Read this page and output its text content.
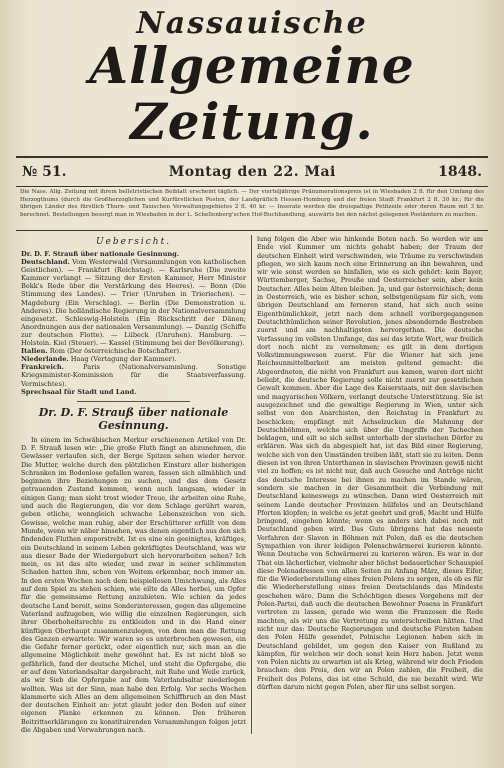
Nassauische
Allgemeine Zeitung.
№ 51.	Montag den 22. Mai	1848.
Die Nass. Allg. Zeitung mit ihrem belletristischen Beiblatt erscheint täglich. — Der vierteljährige Pränumerationspreis ist in Wiesbaden 2 fl. für den Umfang des Herzogthums (durch die Großherzoglichen und Kurfürstlichen Posten, der Landgräflich Hessen-Homburg und der freien Stadt Frankfurt 2 fl. 30 kr.; für die übrigen Länder des fürstlich Thurn- und Taxischen Verwaltungsgebietes 2 fl. 40 kr. — Inserate werden die dreispaltige Petitzeile oder deren Raum mit 3 kr. berechnet. Bestellungen besorgt man in Wiesbaden in der L. Schellenberg'schen Hof-Buchhandlung, auswärts bei den nächst gelegenen Postämtern zu machen.
Uebersicht.
Dr. D. F. Strauß über nationale Gesinnung.
Deutschland. Vom Westerwald (Versammlungen von katholischen Geistlichen). — Frankfurt (Reichstag). — Karlsruhe (Die zweite Kammer verlangt — Sitzung der Ersten Kammer, Herr Minister Bekk's Rede über die Verstärkung des Heeres). — Bonn (Die Stimmung des Landes). — Trier (Unruhen in Trierischen). — Magdeburg (Ein Verschlag). — Berlin (Die Demonstration u. Anderes). Die holländische Regierung in der Nationalversammlung eingesetzt. Schleswig-Holstein (Ein Rückschritt der Dänen; Anordnungen aus der nationalen Versammlung). — Danzig (Schiffe zur deutschen Flotte). — Lübeck (Unruhen). Hamburg. — Holstein. Kiel (Steuer). — Kassel (Stimmung bei der Bevölkerung).
Italien. Rom (Der österreichische Botschafter).
Niederlande. Haag (Vertagung der Kammer).
Frankreich. Paris (Nationalversammlung. Sonstige Kriegsminister-Kommission für die Staatsverfassung. Vermischtes).
Sprechsaal für Stadt und Land.
Dr. D. F. Strauß über nationale Gesinnung.

In einem im Schwäbischen Merkur erschienenen Artikel von Dr. D. F. Strauß lesen wir: „Die große Fluth fängt an abzunehmen, die Gewässer verlaufen sich, der Berge Spitzen sehen wieder hervor. Die Mutter, welche durch den plötzlichen Einsturz aller bisherigen Schranken im Bodenlose gefallen waren, fassen sich allmählich und beginnen ihre Beziehungen zu suchen, und das dem Gesetz getrauenden Zustand kommen, wenn auch langsam, wieder in einigen Gang; man sieht trost wieder Treue, ihr arbeiten eine Ruhe, und auch die Regierungen, die vor dem Schlage gerührt waren, geben etliche, wenngleich schwache Lebenszeichen von sich. Gewisse, welche man ruhig, aber der Erschütterer erfüllt von dem Munde, wenn wir näher hinsehen, was denen eigentlich aus den sich findenden Fluthen emporstrebt. Ist es eine ein geeinigtes, kräftiges, ein Deutschland in seinem Leben gekräftigtes Deutschland, was wir aus dieser Bade der Wiedergeburt sich hervorarbeiten sehen? Ich mein, es ist das alte wieder, und zwar in seiner schlimmsten Schaden hatten ihm, schon von Weitem erkennbar, noch immer an. In den ersten Wochen nach dem beispiellosen Umschwung, als Alles auf dem Spiel zu stehen schien, wie eilte da Alles herbei, um Opfer für die gemeinsame Rettung anzubieten. Wie schien da jedes deutsche Land bereit, seine Sonderinteressen, gegen das allgemeine Vaterland aufzugeben, wie willig die einzelnen Regierungen, sich ihrer Oberhoheitsrechte zu entkleiden und in die Hand einer künftigen Oberhaupt zusammenzulegen, von dem man die Rettung des Ganzen erwartete. Wir waren so es unterbrochen gewesen, ein die Gefahr ferner gerückt, oder eigentlich nur, sich man an die allgemeine Möglichkeit mehr gewöhnt hat. Es ist nicht bloß so gefährlich, fand der deutsche Michel, und steht die Opfergabe, die er auf dem Vaterlandsaltar dargebracht, mit Ruhe und Weile zurück, als wir Sieb die Opfergabe auf dem Vaterlandsaltar niederlegen wollten. Was ist der Sinn, man habe den Erfolg. Vor sechs Wochen klammerte sich Alles an dem allgemeinen Schiffbruch an den Mast der deutschen Einheit an: jetzt glaubt jeder den Boden auf einer eigenen Planke erkennen zu können. Den früheren Beitrittserklärungen zu konstituirenden Versammlungen folgen jetzt die Abgaben und Verwahrungen nach.

lung folgen die Aber wie hinkende Boten nach. So werden wir am Ende viel Kummer um nichts gehabt haben; der Traum der deutschen Einheit wird verschwinden, wie Träume zu verschwinden pflegen, wo sich kaum noch eine Erinnerung an ihn bewahren, und wir wie sonst werden so hinfallen, wie es sich gehört: kein Bayer, Württemberger, Sachse, Preuße und Oesterreicher sein, aber kein Deutscher. Alles beim Alten bleiben. Ja, und gar österreichisch; denn in Oesterreich, wie es bisher schon, selbstgenügsam für sich, vom übrigen Deutschland am ferneren stand, hat sich auch seine Eigenthümlichkeit, jetzt nach dem schnell voribergegangenen Deutschthümlichen seiner Revolution, jenes absondernde Bestreben zuerst und am nachhaltigsten hervorgethan. Die deutsche Verfassung im vollsten Umfange, das sei das letzte Wort, war freilich dort noch nicht zu vernehmen; es gilt in dem dortigen Volkstimmungswesen zuerst. Für die Wiener hat sich jene Reichsunmittelbarkeit am meisten geltend gemacht: die Abgeordneten, die nicht von Frankfurt aus kamen, waren dort nicht beliebt, die deutsche Regierung solle nicht zuerst zur gesetzlichen Gewalt kommen. Aber die Lage des Kaiserstaats, mit den slavischen und magyarischen Völkern, verlangt deutsche Unterstützung. Sie ist ausgezeichnet und die gewaltige Regierung in Wien, unter sich selbst von den Anarchisten, den Reichstag in Frankfurt zu beschicken; empfängt mit Achselzucken die Mahnung der Deutschböhmen, welche sich über die Umgriffe der Tschechen beklagen, und eilt so sich selbst unterhalb der slavischen Dörfer zu erklären. Was sich da abgespielt hat, ist das Bild einer Regierung, welche sich von den Umständen treiben läßt, statt sie zu leiten. Denn diesen ist von ihren Unterthanen in slavischen Provinzen gewiß nicht viel zu hoffen; es ist nicht nur, daß auch Gesuche und Anträge nicht das deutsche Interesse bei ihnen zu machen im Stande wären, sondern sie machen in der Gesammtheit die Verbindung mit Deutschland keineswegs zu wünschen. Dann wird Oesterreich mit seinem Lande deutscher Provinzen hülfelos und an Deutschland Pforten klopfen; in welche es jetzt geehrt und groß, Macht und Hülfe bringend, eingehen könnte; wenn es anders sich dabei noch mit Deutschland geben wird. Das Gute übrigens hat das neueste Verfahren der Slaven in Böhmen mit Polen, daß es die deutschen Sympathien von ihrer leidigen Polenschwärmerei kurieren könnte. Wenn Deutsche von Schwärmerei zu kurieren wären. Es war in der That ein lächerlicher, vielmehr aber höchst bedauerlicher Schauspiel diese Polenadressen von allen Seiten zu Anfang März, dieses Eifer, für die Wiederherstellung eines freien Polens zu sorgen, als ob es für die Wiederherstellung eines freien Deutschlands das Mindeste geschehen wäre. Dann die Schöchtigen dieses Vorgehens mit der Polen-Partei, daß auch die deutschen Bewohner Posens in Frankfurt vertreten zu lassen, gerade wie wenn die Franzosen die Rede machten, als wir uns die Vertretung zu unterschreiben hätten. Und nicht nur das: Deutsche Regierungen und deutsche Fürsten haben den Polen Hülfe gesendet, Polnische Legionen haben sich in Deutschland gebildet, um gegen den Kaiser von Rußland zu kämpfen, für welchen wir doch sonst kein Herz haben. Jetzt wenn von Polen nichts zu erwarten ist als Krieg, während wir doch Frieden brauchen: den Preis, den wir an Polen zahlen, die Freiheit, die Freiheit des Polens, das ist eine Schuld, die nie bezahlt wird. Wir dürften darum nicht gegen Polen, aber für uns selbst sorgen.
